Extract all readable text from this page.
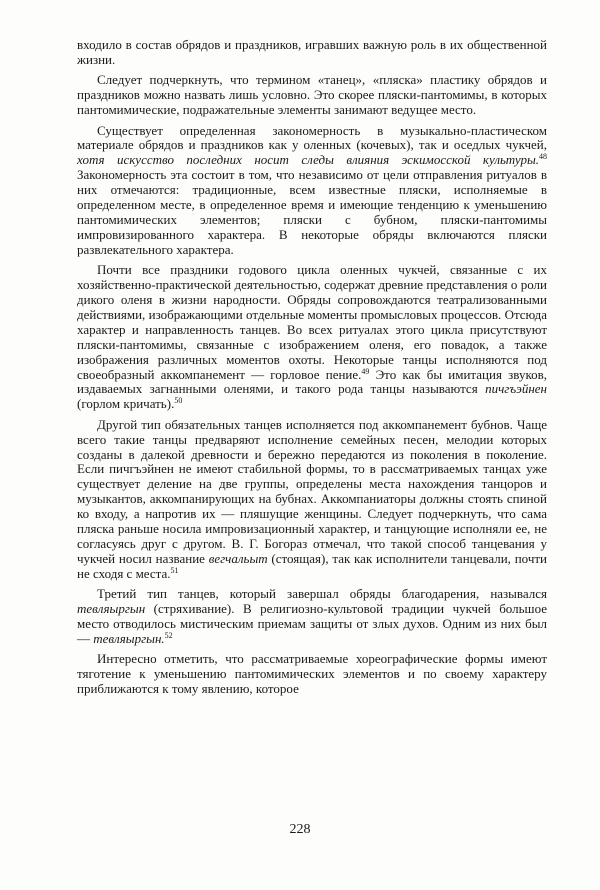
входило в состав обрядов и праздников, игравших важную роль в их общественной жизни.

Следует подчеркнуть, что термином «танец», «пляска» пластику обрядов и праздников можно назвать лишь условно. Это скорее пляски-пантомимы, в которых пантомимические, подражательные элементы занимают ведущее место.

Существует определенная закономерность в музыкально-пластическом материале обрядов и праздников как у оленных (кочевых), так и оседлых чукчей, хотя искусство последних носит следы влияния эскимосской культуры.$^{48}$ Закономерность эта состоит в том, что независимо от цели отправления ритуалов в них отмечаются: традиционные, всем известные пляски, исполняемые в определенном месте, в определенное время и имеющие тенденцию к уменьшению пантомимических элементов; пляски с бубном, пляски-пантомимы импровизированного характера. В некоторые обряды включаются пляски развлекательного характера.

Почти все праздники годового цикла оленных чукчей, связанные с их хозяйственно-практической деятельностью, содержат древние представления о роли дикого оленя в жизни народности. Обряды сопровождаются театрализованными действиями, изображающими отдельные моменты промысловых процессов. Отсюда характер и направленность танцев. Во всех ритуалах этого цикла присутствуют пляски-пантомимы, связанные с изображением оленя, его повадок, а также изображения различных моментов охоты. Некоторые танцы исполняются под своеобразный аккомпанемент — горловое пение.$^{49}$ Это как бы имитация звуков, издаваемых загнанными оленями, и такого рода танцы называются пичгъэйнен (горлом кричать).$^{50}$

Другой тип обязательных танцев исполняется под аккомпанемент бубнов. Чаще всего такие танцы предваряют исполнение семейных песен, мелодии которых созданы в далекой древности и бережно передаются из поколения в поколение. Если пичгъэйнен не имеют стабильной формы, то в рассматриваемых танцах уже существует деление на две группы, определены места нахождения танцоров и музыкантов, аккомпанирующих на бубнах. Аккомпаниаторы должны стоять спиной ко входу, а напротив их — пляшущие женщины. Следует подчеркнуть, что сама пляска раньше носила импровизационный характер, и танцующие исполняли ее, не согласуясь друг с другом. В. Г. Богораз отмечал, что такой способ танцевания у чукчей носил название вегчальыт (стоящая), так как исполнители танцевали, почти не сходя с места.$^{51}$

Третий тип танцев, который завершал обряды благодарения, назывался тевляыргын (стряхивание). В религиозно-культовой традиции чукчей большое место отводилось мистическим приемам защиты от злых духов. Одним из них был — тевляыргын.$^{52}$

Интересно отметить, что рассматриваемые хореографические формы имеют тяготение к уменьшению пантомимических элементов и по своему характеру приближаются к тому явлению, которое

228
